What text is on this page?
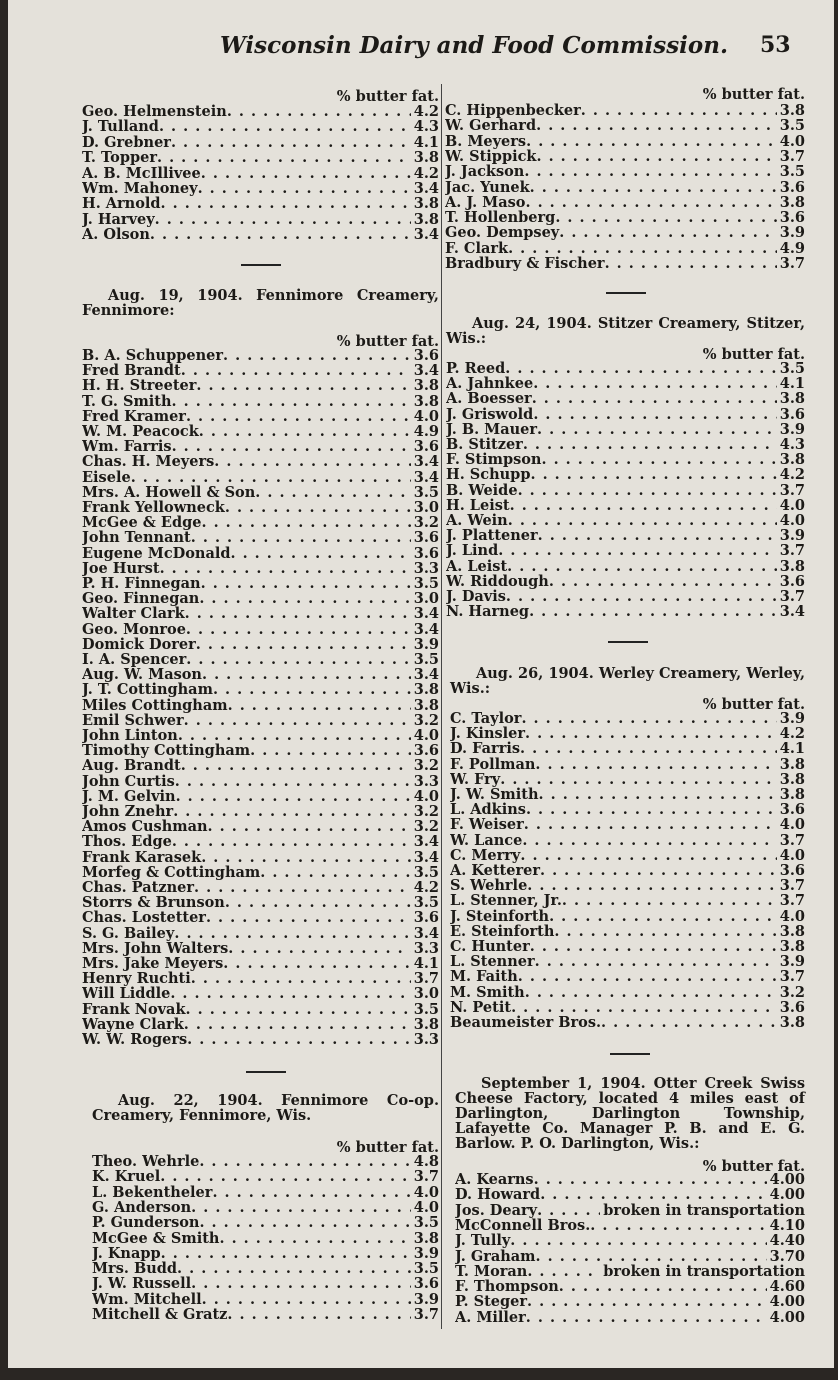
Wisconsin Dairy and Food Commission. 53
% butter fat.
Geo. Helmenstein . . .	4.2
J. Tulland . . .	4.3
D. Grebner . . .	4.1
T. Topper . . .	3.8
A. B. McIllivee . . .	4.2
Wm. Mahoney . . .	3.4
H. Arnold . . .	3.8
J. Harvey . . .	3.8
A. Olson . . .	3.4
Aug. 19, 1904. Fennimore Creamery, Fennimore:
% butter fat.
B. A. Schuppener . . .	3.6
Fred Brandt . . .	3.4
H. H. Streeter . . .	3.8
T. G. Smith . . .	3.8
Fred Kramer . . .	4.0
W. M. Peacock . . .	4.9
Wm. Farris . . .	3.6
Chas. H. Meyers . . .	3.4
Eisele . . .	3.4
Mrs. A. Howell & Son . . .	3.5
Frank Yellowneck . . .	3.0
McGee & Edge . . .	3.2
John Tennant . . .	3.6
Eugene McDonald . . .	3.6
Joe Hurst . . .	3.3
P. H. Finnegan . . .	3.5
Geo. Finnegan . . .	3.0
Walter Clark . . .	3.4
Geo. Monroe . . .	3.4
Domick Dorer . . .	3.9
I. A. Spencer . . .	3.5
Aug. W. Mason . . .	3.4
J. T. Cottingham . . .	3.8
Miles Cottingham . . .	3.8
Emil Schwer . . .	3.2
John Linton . . .	4.0
Timothy Cottingham . . .	3.6
Aug. Brandt . . .	3.2
John Curtis . . .	3.3
J. M. Gelvin . . .	4.0
John Znehr . . .	3.2
Amos Cushman . . .	3.2
Thos. Edge . . .	3.4
Frank Karasek . . .	3.4
Morfeg & Cottingham . . .	3.5
Chas. Patzner . . .	4.2
Storrs & Brunson . . .	3.5
Chas. Lostetter . . .	3.6
S. G. Bailey . . .	3.4
Mrs. John Walters . . .	3.3
Mrs. Jake Meyers . . .	4.1
Henry Ruchti . . .	3.7
Will Liddle . . .	3.0
Frank Novak . . .	3.5
Wayne Clark . . .	3.8
W. W. Rogers . . .	3.3
Aug. 22, 1904. Fennimore Co-op. Creamery, Fennimore, Wis.
% butter fat.
Theo. Wehrle . . .	4.8
K. Kruel . . .	3.7
L. Bekentheler . . .	4.0
G. Anderson . . .	4.0
P. Gunderson . . .	3.5
McGee & Smith . . .	3.8
J. Knapp . . .	3.9
Mrs. Budd . . .	3.5
J. W. Russell . . .	3.6
Wm. Mitchell . . .	3.9
Mitchell & Gratz . . .	3.7
% butter fat.
C. Hippenbecker . . .	3.8
W. Gerhard . . .	3.5
B. Meyers . . .	4.0
W. Stippick . . .	3.7
J. Jackson . . .	3.5
Jac. Yunek . . .	3.6
A. J. Maso . . .	3.8
T. Hollenberg . . .	3.6
Geo. Dempsey . . .	3.9
F. Clark . . .	4.9
Bradbury & Fischer . . .	3.7
Aug. 24, 1904. Stitzer Creamery, Stitzer, Wis.:
% butter fat.
P. Reed . . .	3.5
A. Jahnkee . . .	4.1
A. Boesser . . .	3.8
J. Griswold . . .	3.6
J. B. Mauer . . .	3.9
B. Stitzer . . .	4.3
F. Stimpson . . .	3.8
H. Schupp . . .	4.2
B. Weide . . .	3.7
H. Leist . . .	4.0
A. Wein . . .	4.0
J. Plattener . . .	3.9
J. Lind . . .	3.7
A. Leist . . .	3.8
W. Riddough . . .	3.6
J. Davis . . .	3.7
N. Harneg . . .	3.4
Aug. 26, 1904. Werley Creamery, Werley, Wis.:
% butter fat.
C. Taylor . . .	3.9
J. Kinsler . . .	4.2
D. Farris . . .	4.1
F. Pollman . . .	3.8
W. Fry . . .	3.8
J. W. Smith . . .	3.8
L. Adkins . . .	3.6
F. Weiser . . .	4.0
W. Lance . . .	3.7
C. Merry . . .	4.0
A. Ketterer . . .	3.6
S. Wehrle . . .	3.7
L. Stenner, Jr. . . .	3.7
J. Steinforth . . .	4.0
E. Steinforth . . .	3.8
C. Hunter . . .	3.8
L. Stenner . . .	3.9
M. Faith . . .	3.7
M. Smith . . .	3.2
N. Petit . . .	3.6
Beaumeister Bros. . . .	3.8
September 1, 1904. Otter Creek Swiss Cheese Factory, located 4 miles east of Darlington, Darlington Township, Lafayette Co. Manager P. B. and E. G. Barlow. P. O. Darlington, Wis.:
% butter fat.
A. Kearns . . .	4.00
D. Howard . . .	4.00
Jos. Deary . . .	broken in transportation
McConnell Bros. . . .	4.10
J. Tully . . .	4.40
J. Graham . . .	3.70
T. Moran . . .	broken in transportation
F. Thompson . . .	4.60
P. Steger . . .	4.00
A. Miller . . .	4.00
